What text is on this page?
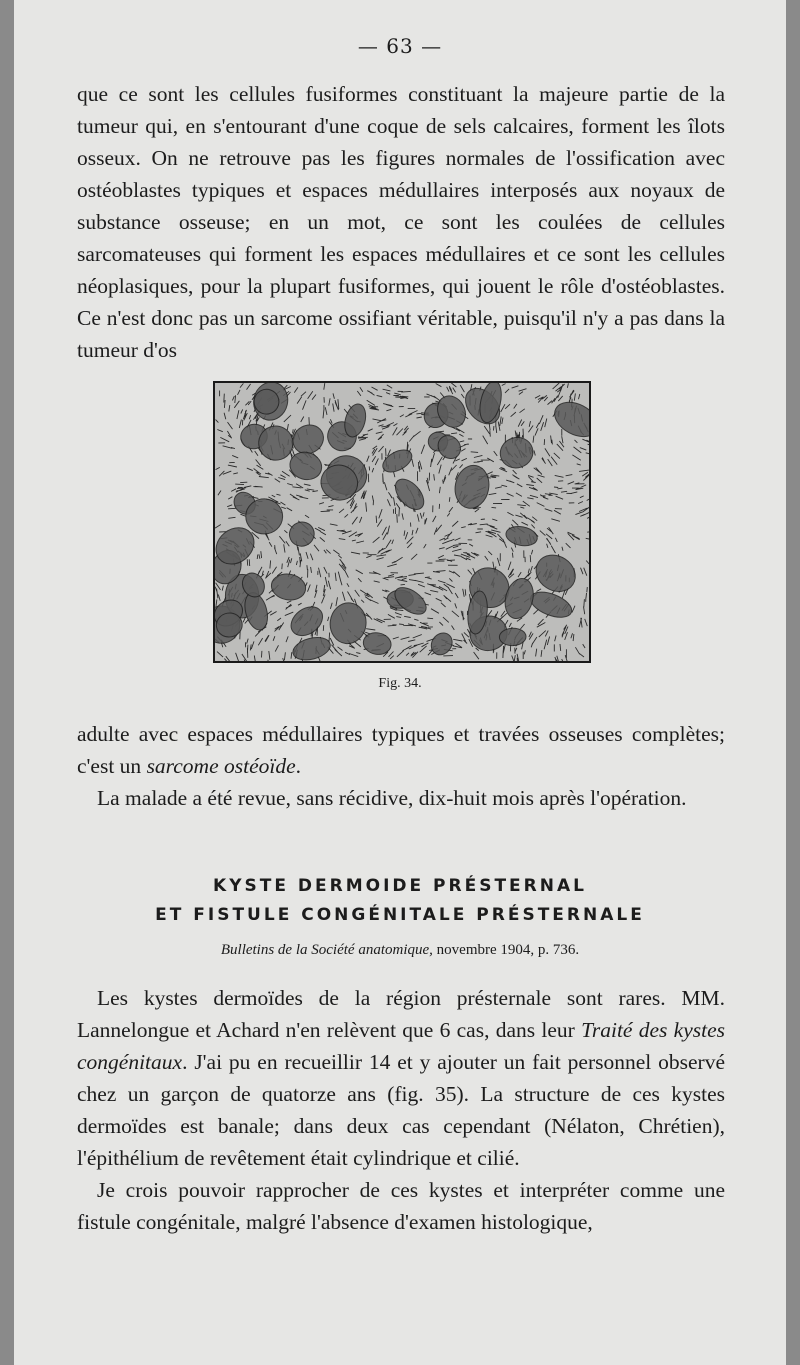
— 63 —

que ce sont les cellules fusiformes constituant la majeure partie de la tumeur qui, en s'entourant d'une coque de sels calcaires, forment les îlots osseux. On ne retrouve pas les figures normales de l'ossification avec ostéoblastes typiques et espaces médullaires interposés aux noyaux de substance osseuse; en un mot, ce sont les coulées de cellules sarcomateuses qui forment les espaces médullaires et ce sont les cellules néoplasiques, pour la plupart fusiformes, qui jouent le rôle d'ostéoblastes. Ce n'est donc pas un sarcome ossifiant véritable, puisqu'il n'y a pas dans la tumeur d'os

Fig. 34.

adulte avec espaces médullaires typiques et travées osseuses complètes; c'est un sarcome ostéoïde.

La malade a été revue, sans récidive, dix-huit mois après l'opération.

KYSTE DERMOIDE PRÉSTERNAL
ET FISTULE CONGÉNITALE PRÉSTERNALE
Bulletins de la Société anatomique, novembre 1904, p. 736.

Les kystes dermoïdes de la région présternale sont rares. MM. Lannelongue et Achard n'en relèvent que 6 cas, dans leur Traité des kystes congénitaux. J'ai pu en recueillir 14 et y ajouter un fait personnel observé chez un garçon de quatorze ans (fig. 35). La structure de ces kystes dermoïdes est banale; dans deux cas cependant (Nélaton, Chrétien), l'épithélium de revêtement était cylindrique et cilié.

Je crois pouvoir rapprocher de ces kystes et interpréter comme une fistule congénitale, malgré l'absence d'examen histologique,
